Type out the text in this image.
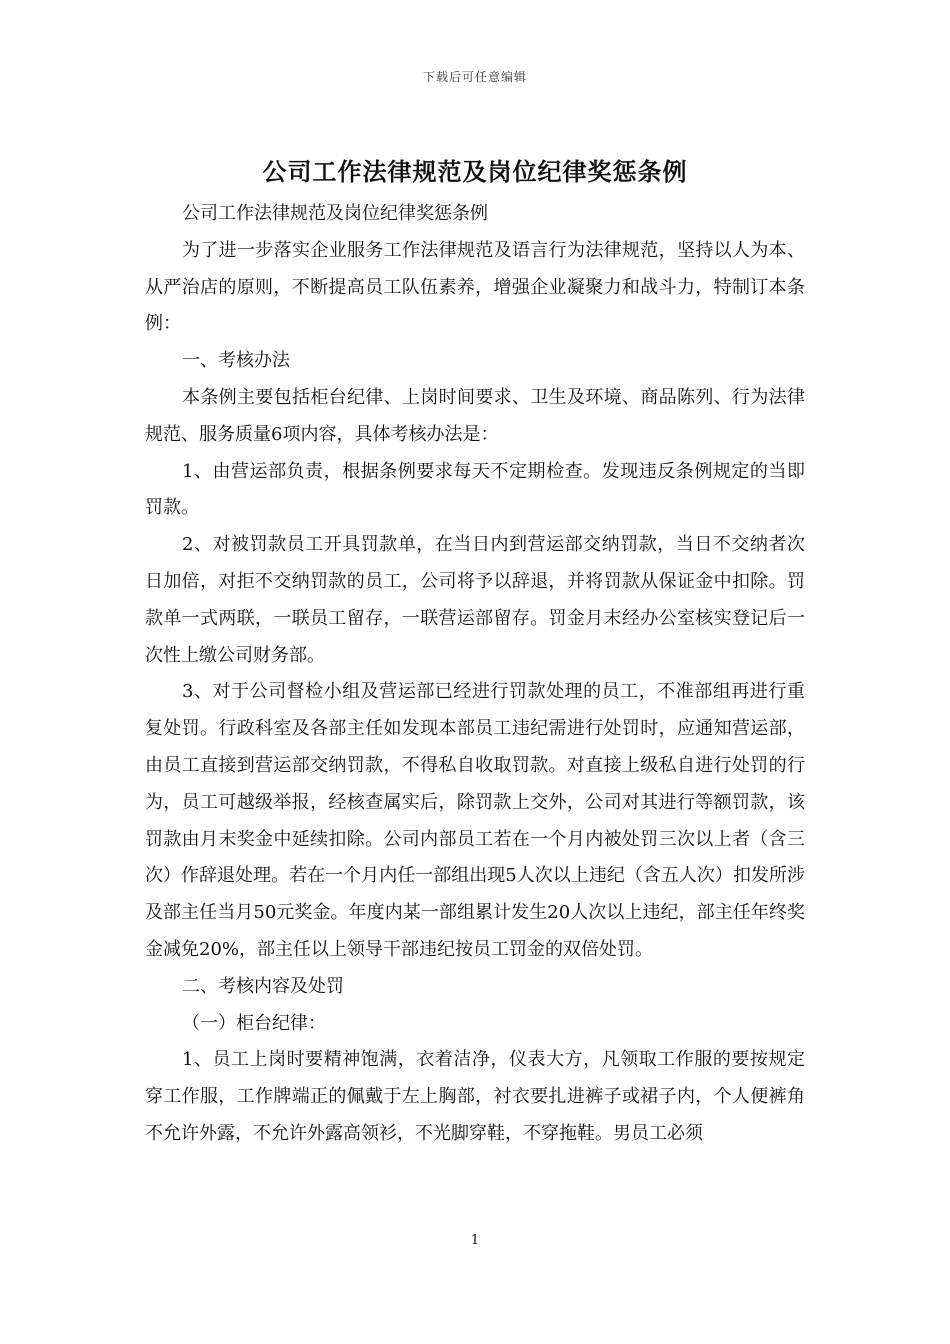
下载后可任意编辑
公司工作法律规范及岗位纪律奖惩条例

公司工作法律规范及岗位纪律奖惩条例

为了进一步落实企业服务工作法律规范及语言行为法律规范，坚持以人为本、从严治店的原则，不断提高员工队伍素养，增强企业凝聚力和战斗力，特制订本条例：

一、考核办法

本条例主要包括柜台纪律、上岗时间要求、卫生及环境、商品陈列、行为法律规范、服务质量6项内容，具体考核办法是：

1、由营运部负责，根据条例要求每天不定期检查。发现违反条例规定的当即罚款。

2、对被罚款员工开具罚款单，在当日内到营运部交纳罚款，当日不交纳者次日加倍，对拒不交纳罚款的员工，公司将予以辞退，并将罚款从保证金中扣除。罚款单一式两联，一联员工留存，一联营运部留存。罚金月末经办公室核实登记后一次性上缴公司财务部。

3、对于公司督检小组及营运部已经进行罚款处理的员工，不准部组再进行重复处罚。行政科室及各部主任如发现本部员工违纪需进行处罚时，应通知营运部，由员工直接到营运部交纳罚款，不得私自收取罚款。对直接上级私自进行处罚的行为，员工可越级举报，经核查属实后，除罚款上交外，公司对其进行等额罚款，该罚款由月末奖金中延续扣除。公司内部员工若在一个月内被处罚三次以上者（含三次）作辞退处理。若在一个月内任一部组出现5人次以上违纪（含五人次）扣发所涉及部主任当月50元奖金。年度内某一部组累计发生20人次以上违纪，部主任年终奖金减免20%，部主任以上领导干部违纪按员工罚金的双倍处罚。

二、考核内容及处罚

（一）柜台纪律：

1、员工上岗时要精神饱满，衣着洁净，仪表大方，凡领取工作服的要按规定穿工作服，工作牌端正的佩戴于左上胸部，衬衣要扎进裤子或裙子内，个人便裤角不允许外露，不允许外露高领衫，不光脚穿鞋，不穿拖鞋。男员工必须

1
